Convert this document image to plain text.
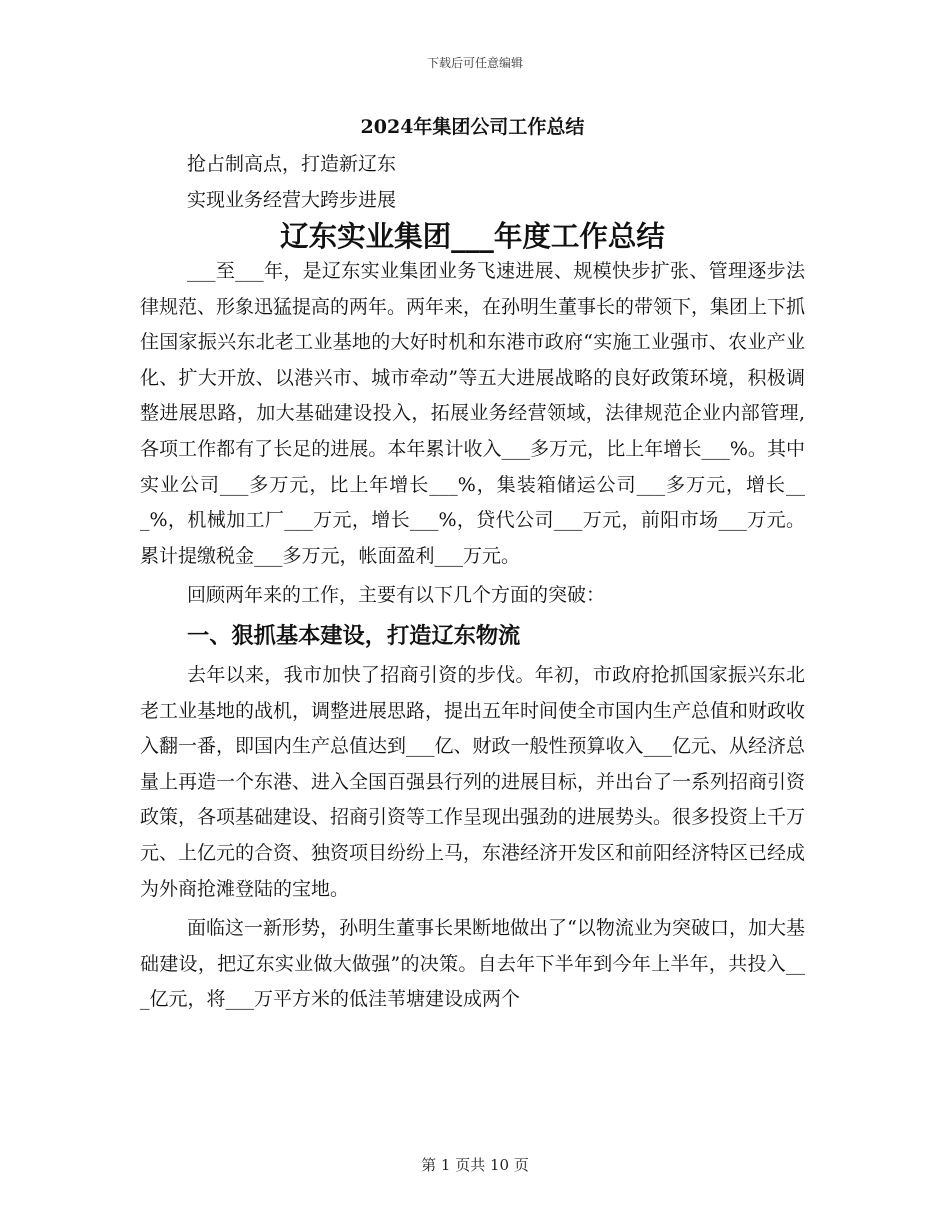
下载后可任意编辑
2024年集团公司工作总结

抢占制高点，打造新辽东

实现业务经营大跨步进展

辽东实业集团___年度工作总结

___至___年，是辽东实业集团业务飞速进展、规模快步扩张、管理逐步法律规范、形象迅猛提高的两年。两年来，在孙明生董事长的带领下，集团上下抓住国家振兴东北老工业基地的大好时机和东港市政府“实施工业强市、农业产业化、扩大开放、以港兴市、城市牵动”等五大进展战略的良好政策环境，积极调整进展思路，加大基础建设投入，拓展业务经营领域，法律规范企业内部管理,各项工作都有了长足的进展。本年累计收入___多万元，比上年增长___%。其中实业公司___多万元，比上年增长___%，集装箱储运公司___多万元，增长___%，机械加工厂___万元，增长___%，贷代公司___万元，前阳市场___万元。累计提缴税金___多万元，帐面盈利___万元。

回顾两年来的工作，主要有以下几个方面的突破：

一、狠抓基本建设，打造辽东物流

去年以来，我市加快了招商引资的步伐。年初，市政府抢抓国家振兴东北老工业基地的战机，调整进展思路，提出五年时间使全市国内生产总值和财政收入翻一番，即国内生产总值达到___亿、财政一般性预算收入___亿元、从经济总量上再造一个东港、进入全国百强县行列的进展目标，并出台了一系列招商引资政策，各项基础建设、招商引资等工作呈现出强劲的进展势头。很多投资上千万元、上亿元的合资、独资项目纷纷上马，东港经济开发区和前阳经济特区已经成为外商抢滩登陆的宝地。

面临这一新形势，孙明生董事长果断地做出了“以物流业为突破口，加大基础建设，把辽东实业做大做强”的决策。自去年下半年到今年上半年，共投入___亿元，将___万平方米的低洼苇塘建设成两个

第 1 页共 10 页
